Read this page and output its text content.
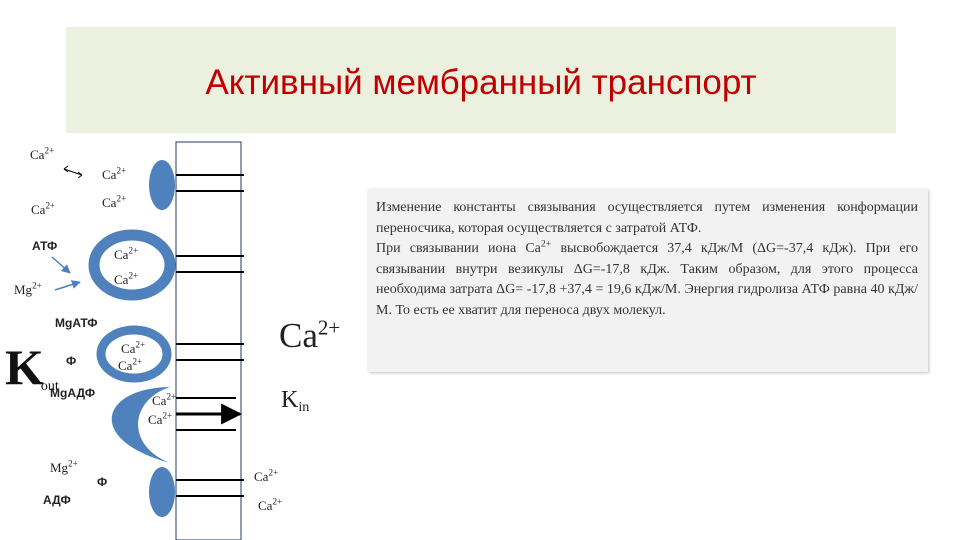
Активный мембранный транспорт
$Ca^{2+}$
$Ca^{2+}$
$Ca^{2+}$
$Ca^{2+}$
АТФ
$Mg^{2+}$
$Ca^{2+}$
$Ca^{2+}$
MgАТФ
$Ca^{2+}$
$Ca^{2+}$
Ф
Kout
MgАДФ	$Ca^{2+}$
$Ca^{2+}$
$Ca^{2+}$
Kin
$Mg^{2+}$
Ф
АДФ
$Ca^{2+}$
$Ca^{2+}$

Изменение константы связывания осуществляется путем изменения конформации переносчика, которая осуществляется с затратой АТФ.

При связывании иона $Ca^{2+}$ высвобождается 37,4 кДж/М (ΔG=-37,4 кДж). При его связывании внутри везикулы ΔG=-17,8 кДж. Таким образом, для этого процесса необходима затрата ΔG= -17,8 +37,4 = 19,6 кДж/М. Энергия гидролиза АТФ равна 40 кДж/М. То есть ее хватит для переноса двух молекул.
